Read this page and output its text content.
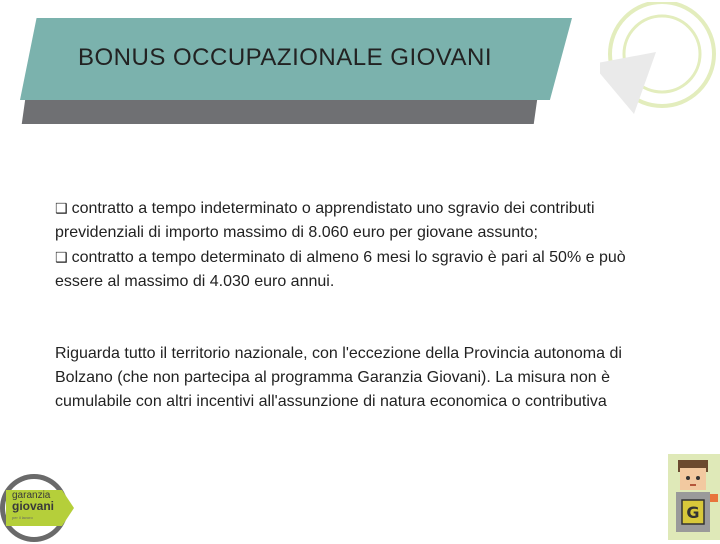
BONUS OCCUPAZIONALE GIOVANI

❑ contratto a tempo indeterminato o apprendistato uno sgravio dei contributi previdenziali di importo massimo di 8.060 euro per giovane assunto;

❑ contratto a tempo determinato di almeno 6 mesi lo sgravio è pari al 50% e può essere al massimo di 4.030 euro annui.

Riguarda tutto il territorio nazionale, con l'eccezione della Provincia autonoma di Bolzano (che non partecipa al programma Garanzia Giovani). La misura non è cumulabile con altri incentivi all'assunzione di natura economica o contributiva

garanzia
giovani
per il lavoro	G
